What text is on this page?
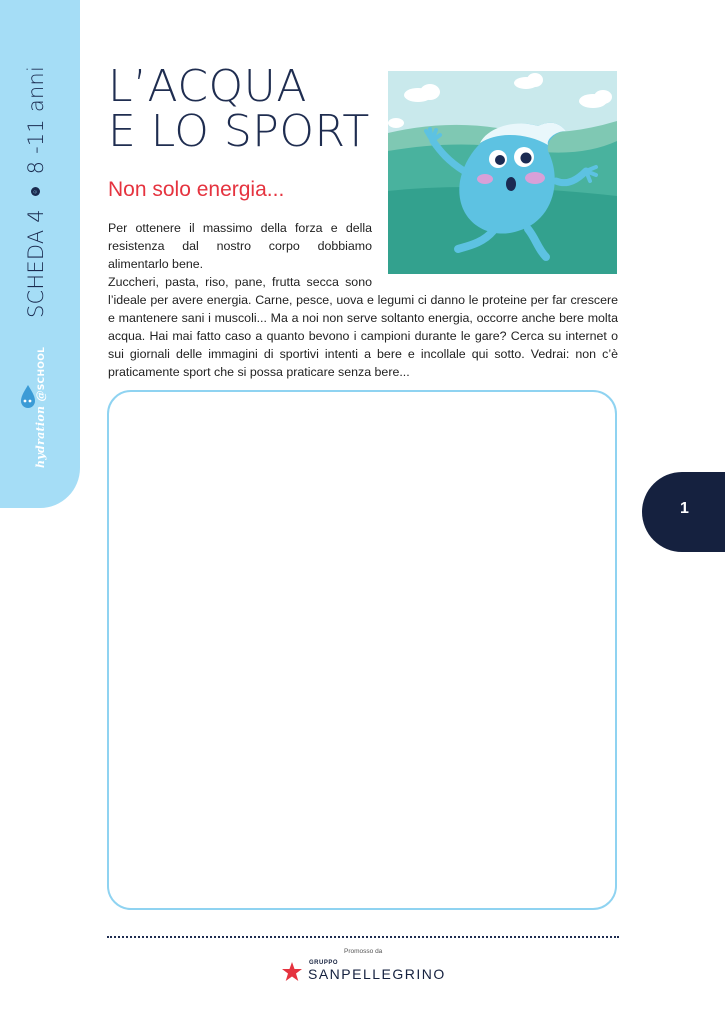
SCHEDA 4 e 8 -11 anni
hydration @SCHOOL
L’ACQUA
E LO SPORT
Non solo energia...

Per ottenere il massimo della forza e della resistenza dal nostro corpo dobbiamo alimentarlo bene.

Zuccheri, pasta, riso, pane, frutta secca sono
l’ideale per avere energia. Carne, pesce, uova e legumi ci danno le proteine per far crescere e mantenere sani i muscoli... Ma a noi non serve soltanto energia, occorre anche bere molta acqua. Hai mai fatto caso a quanto bevono i campioni durante le gare? Cerca su internet o sui giornali delle immagini di sportivi intenti a bere e incollale qui sotto. Vedrai: non c’è praticamente sport che si possa praticare senza bere...

1
Promosso da
GRUPPO
SANPELLEGRINO
